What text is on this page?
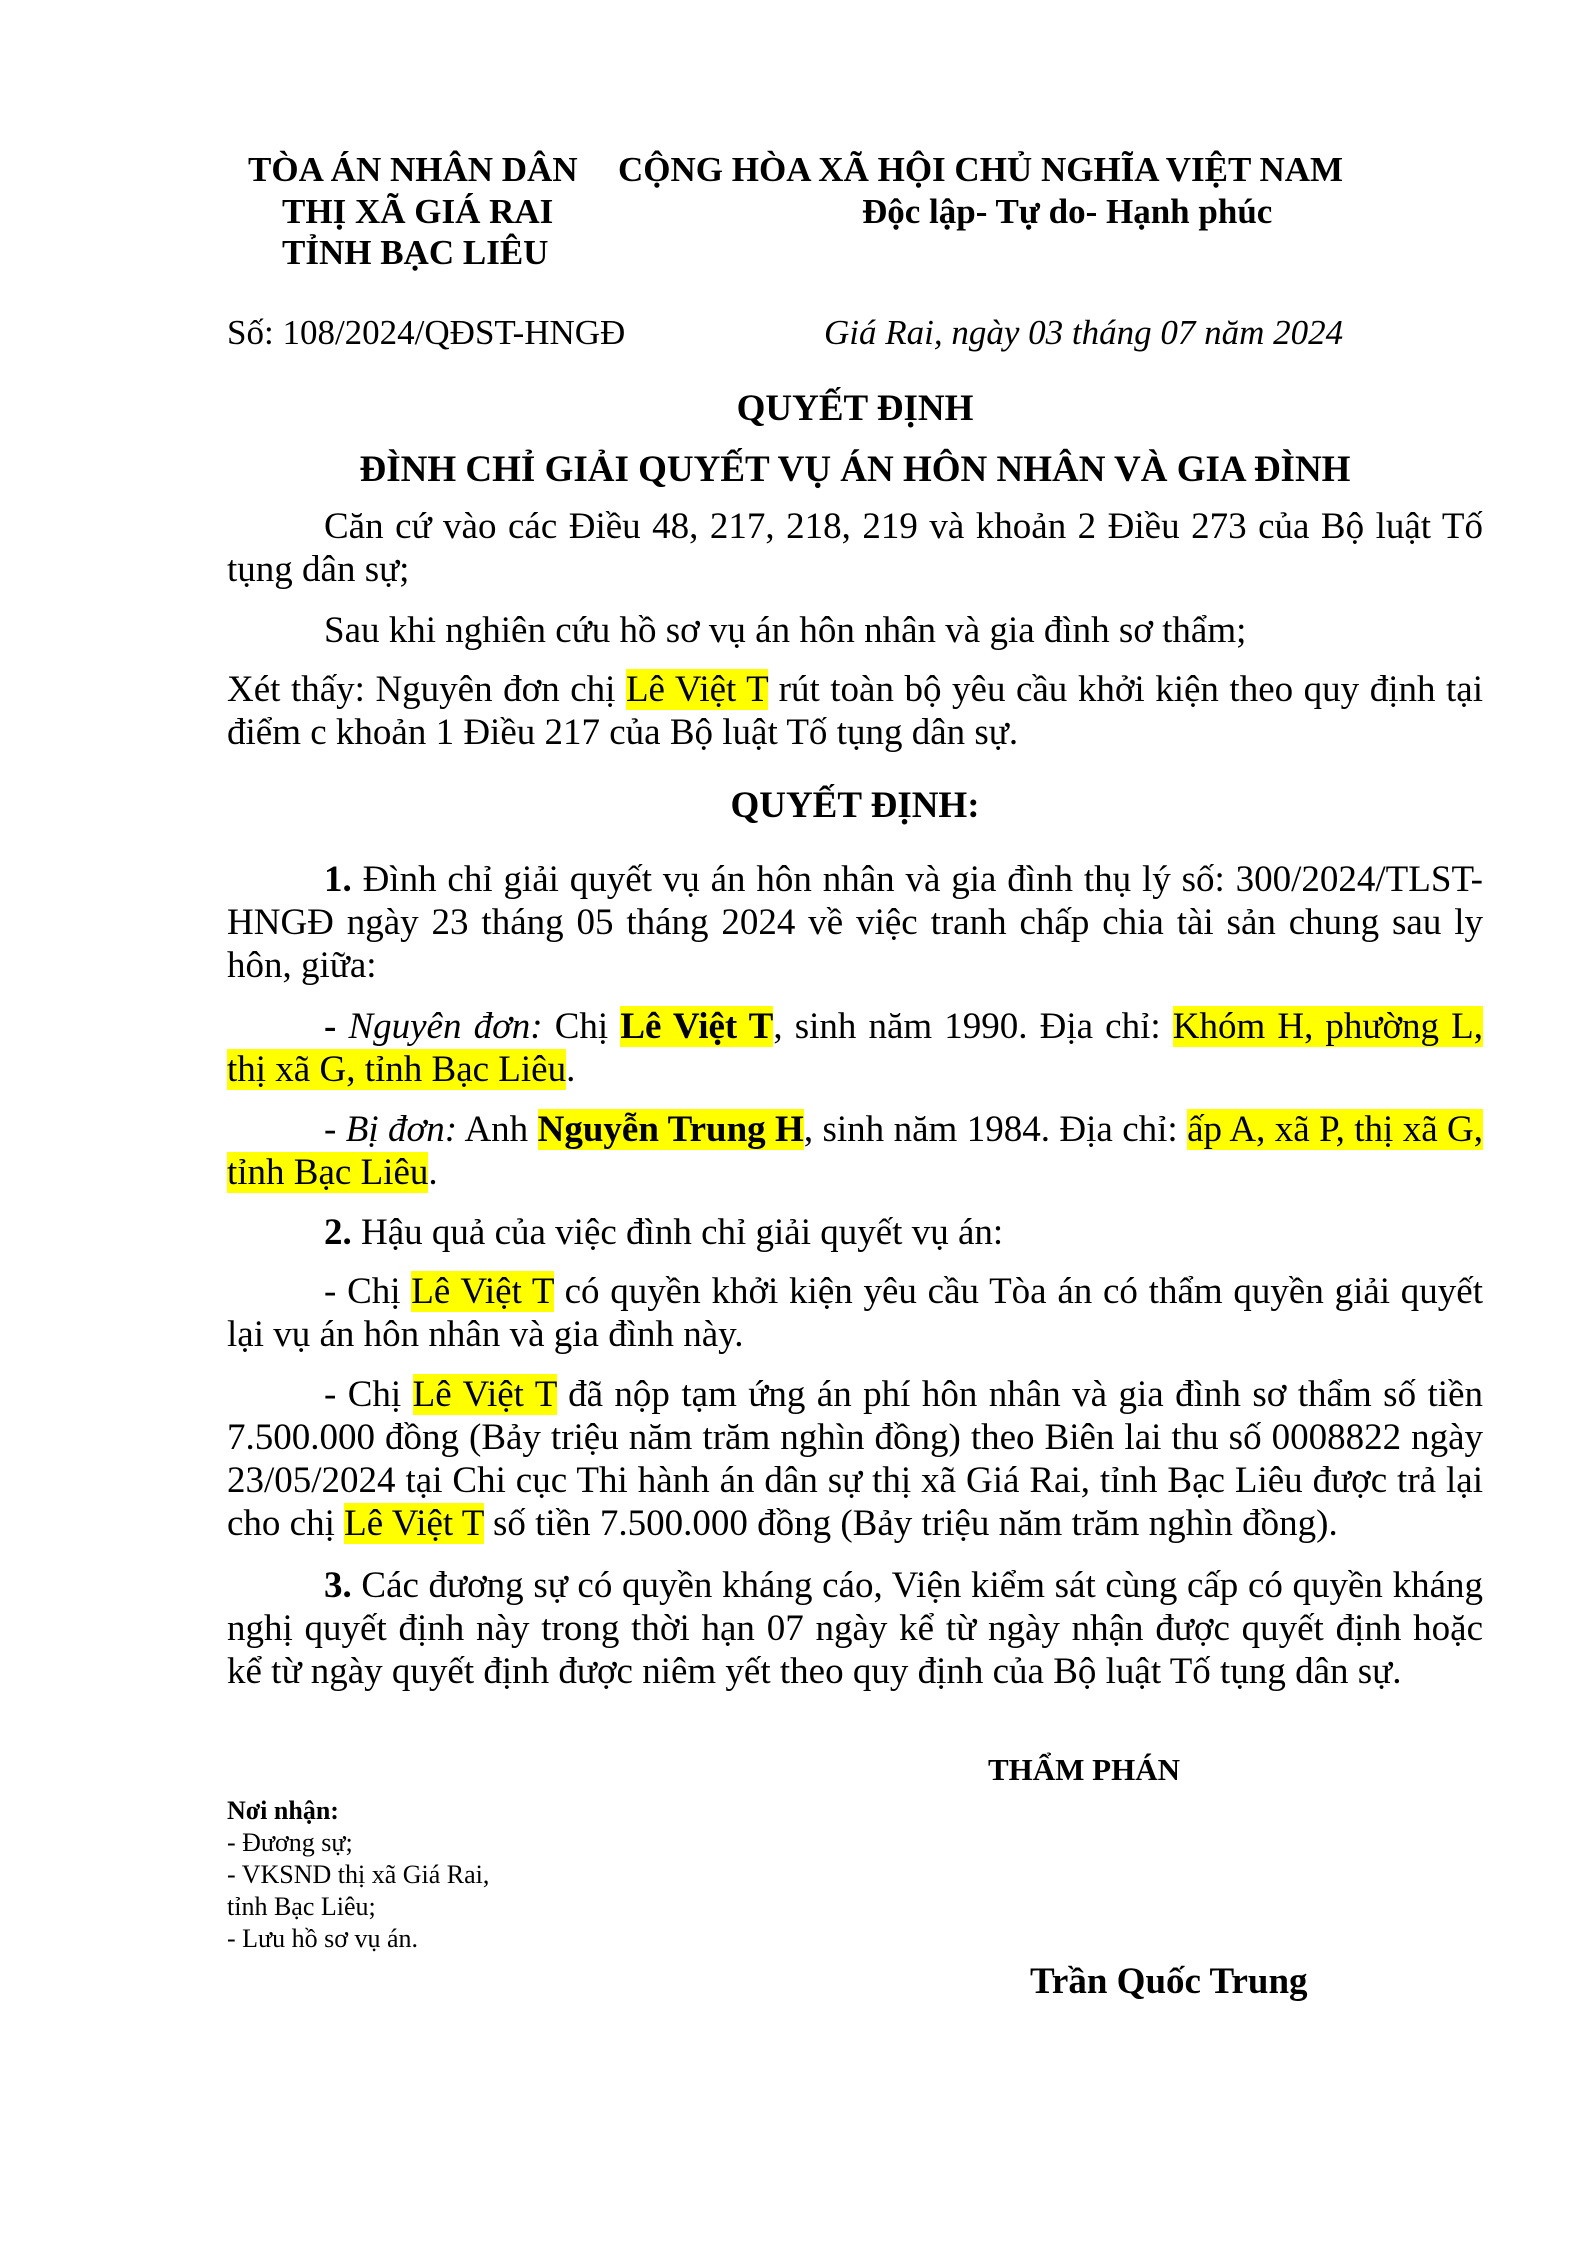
TÒA ÁN NHÂN DÂN
THỊ XÃ GIÁ RAI
TỈNH BẠC LIÊU
CỘNG HÒA XÃ HỘI CHỦ NGHĨA VIỆT NAM
Độc lập- Tự do- Hạnh phúc
Số: 108/2024/QĐST-HNGĐ	Giá Rai, ngày 03 tháng 07 năm 2024
QUYẾT ĐỊNH
ĐÌNH CHỈ GIẢI QUYẾT VỤ ÁN HÔN NHÂN VÀ GIA ĐÌNH

Căn cứ vào các Điều 48, 217, 218, 219 và khoản 2 Điều 273 của Bộ luật Tố tụng dân sự;

Sau khi nghiên cứu hồ sơ vụ án hôn nhân và gia đình sơ thẩm;

Xét thấy: Nguyên đơn chị Lê Việt T rút toàn bộ yêu cầu khởi kiện theo quy định tại điểm c khoản 1 Điều 217 của Bộ luật Tố tụng dân sự.

QUYẾT ĐỊNH:

1. Đình chỉ giải quyết vụ án hôn nhân và gia đình thụ lý số: 300/2024/TLST-HNGĐ ngày 23 tháng 05 tháng 2024 về việc tranh chấp chia tài sản chung sau ly hôn, giữa:

- Nguyên đơn: Chị Lê Việt T, sinh năm 1990. Địa chỉ: Khóm H, phường L, thị xã G, tỉnh Bạc Liêu.

- Bị đơn: Anh Nguyễn Trung H, sinh năm 1984. Địa chỉ: ấp A, xã P, thị xã G, tỉnh Bạc Liêu.

2. Hậu quả của việc đình chỉ giải quyết vụ án:

- Chị Lê Việt T có quyền khởi kiện yêu cầu Tòa án có thẩm quyền giải quyết lại vụ án hôn nhân và gia đình này.

- Chị Lê Việt T đã nộp tạm ứng án phí hôn nhân và gia đình sơ thẩm số tiền 7.500.000 đồng (Bảy triệu năm trăm nghìn đồng) theo Biên lai thu số 0008822 ngày 23/05/2024 tại Chi cục Thi hành án dân sự thị xã Giá Rai, tỉnh Bạc Liêu được trả lại cho chị Lê Việt T số tiền 7.500.000 đồng (Bảy triệu năm trăm nghìn đồng).

3. Các đương sự có quyền kháng cáo, Viện kiểm sát cùng cấp có quyền kháng nghị quyết định này trong thời hạn 07 ngày kể từ ngày nhận được quyết định hoặc kể từ ngày quyết định được niêm yết theo quy định của Bộ luật Tố tụng dân sự.

THẨM PHÁN
Trần Quốc Trung
Nơi nhận:
- Đương sự;
- VKSND thị xã Giá Rai,
tỉnh Bạc Liêu;
- Lưu hồ sơ vụ án.
